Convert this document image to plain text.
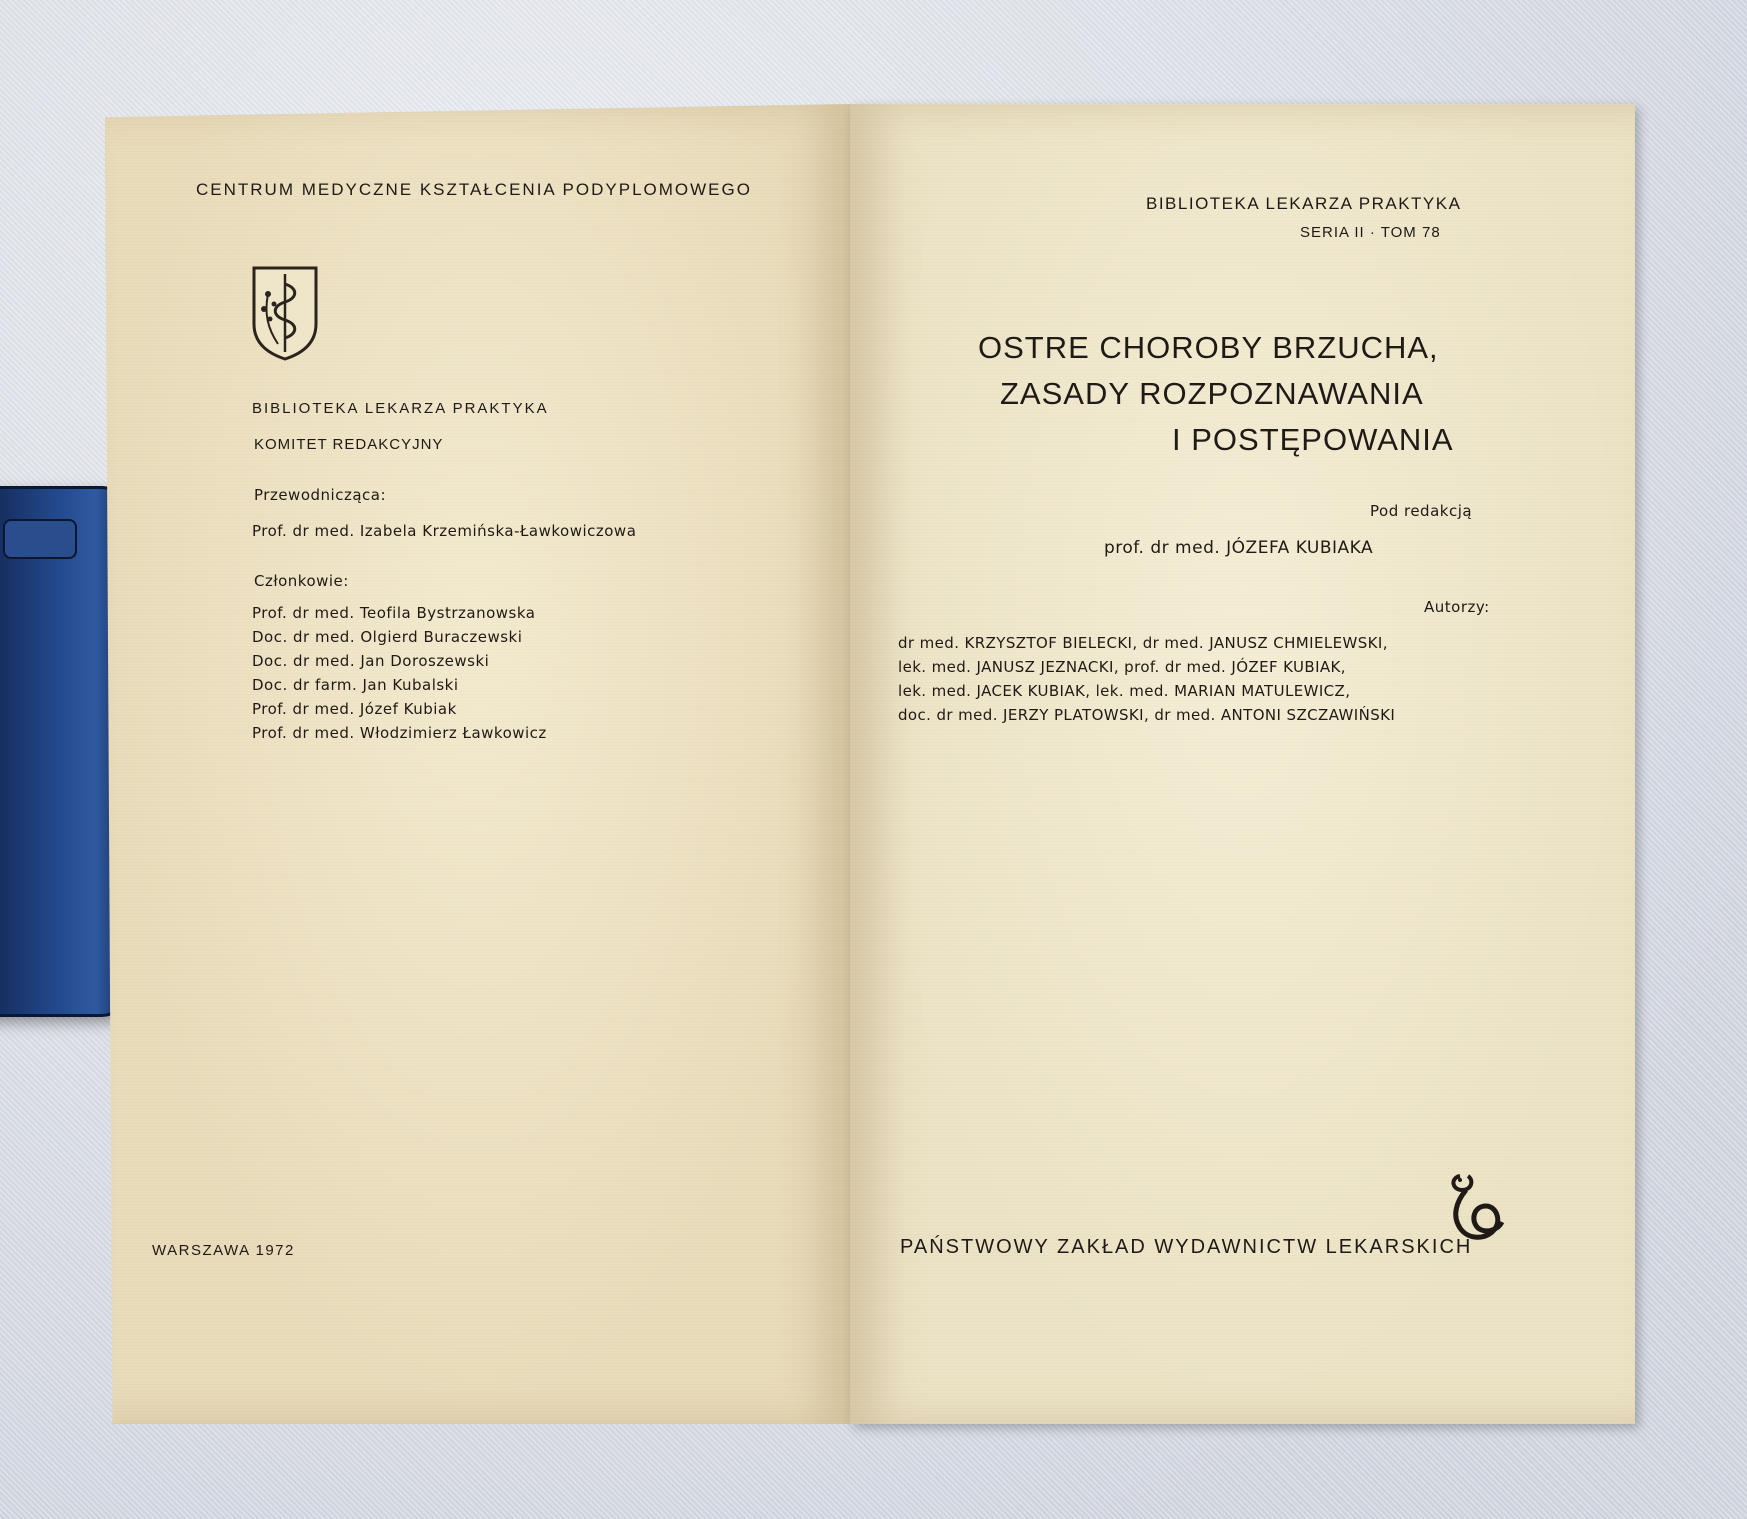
CENTRUM MEDYCZNE KSZTAŁCENIA PODYPLOMOWEGO
BIBLIOTEKA LEKARZA PRAKTYKA
KOMITET REDAKCYJNY
Przewodnicząca:
Prof. dr med. Izabela Krzemińska-Ławkowiczowa
Członkowie:
Prof. dr med. Teofila Bystrzanowska
Doc. dr med. Olgierd Buraczewski
Doc. dr med. Jan Doroszewski
Doc. dr farm. Jan Kubalski
Prof. dr med. Józef Kubiak
Prof. dr med. Włodzimierz Ławkowicz
WARSZAWA 1972
BIBLIOTEKA LEKARZA PRAKTYKA
SERIA II · TOM 78
OSTRE CHOROBY BRZUCHA,
ZASADY ROZPOZNAWANIA
I POSTĘPOWANIA
Pod redakcją
prof. dr med. JÓZEFA KUBIAKA
Autorzy:
dr med. KRZYSZTOF BIELECKI, dr med. JANUSZ CHMIELEWSKI,
lek. med. JANUSZ JEZNACKI, prof. dr med. JÓZEF KUBIAK,
lek. med. JACEK KUBIAK, lek. med. MARIAN MATULEWICZ,
doc. dr med. JERZY PLATOWSKI, dr med. ANTONI SZCZAWIŃSKI
PAŃSTWOWY ZAKŁAD WYDAWNICTW LEKARSKICH
